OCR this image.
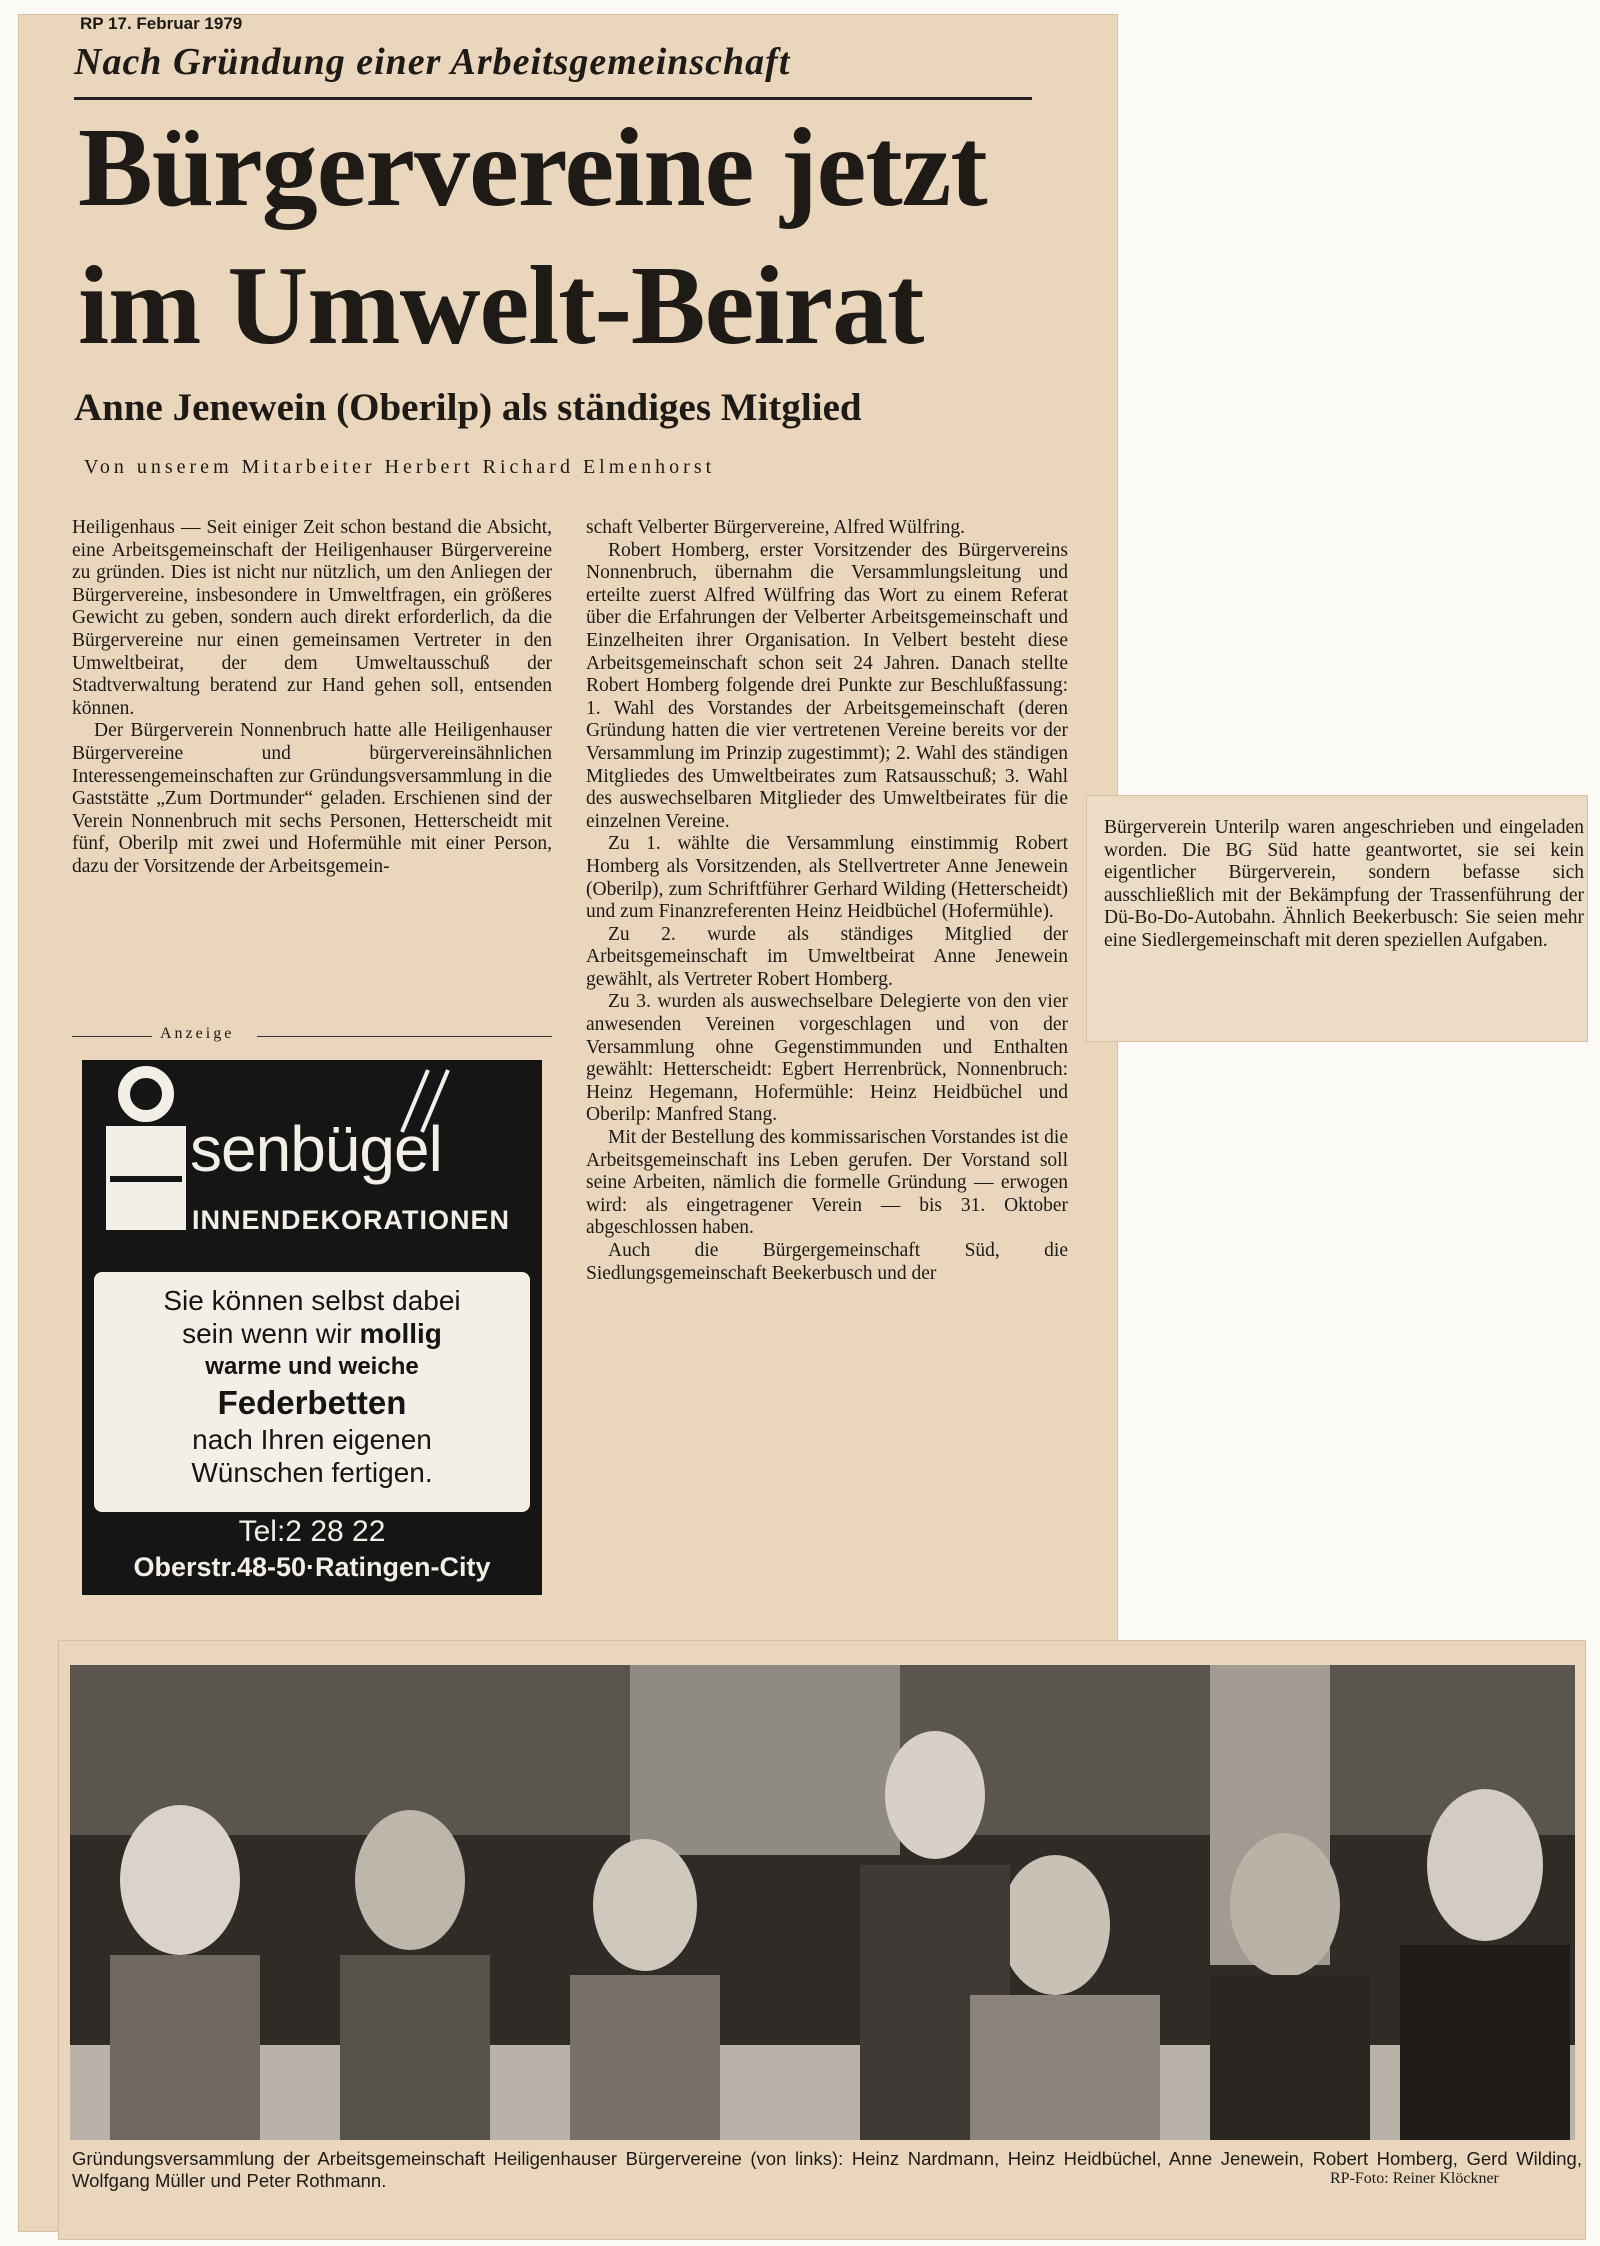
RP 17. Februar 1979
Nach Gründung einer Arbeitsgemeinschaft
Bürgervereine jetzt
im Umwelt-Beirat
Anne Jenewein (Oberilp) als ständiges Mitglied
Von unserem Mitarbeiter Herbert Richard Elmenhorst

Heiligenhaus — Seit einiger Zeit schon bestand die Absicht, eine Arbeitsgemeinschaft der Heiligenhauser Bürgervereine zu gründen. Dies ist nicht nur nützlich, um den Anliegen der Bürgervereine, insbesondere in Umweltfragen, ein größeres Gewicht zu geben, sondern auch direkt erforderlich, da die Bürgervereine nur einen gemeinsamen Vertreter in den Umweltbeirat, der dem Umweltausschuß der Stadtverwaltung beratend zur Hand gehen soll, entsenden können.

Der Bürgerverein Nonnenbruch hatte alle Heiligenhauser Bürgervereine und bürgervereinsähnlichen Interessengemeinschaften zur Gründungsversammlung in die Gaststätte „Zum Dortmunder“ geladen. Erschienen sind der Verein Nonnenbruch mit sechs Personen, Hetterscheidt mit fünf, Oberilp mit zwei und Hofermühle mit einer Person, dazu der Vorsitzende der Arbeitsgemein-

schaft Velberter Bürgervereine, Alfred Wülfring.

Robert Homberg, erster Vorsitzender des Bürgervereins Nonnenbruch, übernahm die Versammlungsleitung und erteilte zuerst Alfred Wülfring das Wort zu einem Referat über die Erfahrungen der Velberter Arbeitsgemeinschaft und Einzelheiten ihrer Organisation. In Velbert besteht diese Arbeitsgemeinschaft schon seit 24 Jahren. Danach stellte Robert Homberg folgende drei Punkte zur Beschlußfassung: 1. Wahl des Vorstandes der Arbeitsgemeinschaft (deren Gründung hatten die vier vertretenen Vereine bereits vor der Versammlung im Prinzip zugestimmt); 2. Wahl des ständigen Mitgliedes des Umweltbeirates zum Ratsausschuß; 3. Wahl des auswechselbaren Mitglieder des Umweltbeirates für die einzelnen Vereine.

Zu 1. wählte die Versammlung einstimmig Robert Homberg als Vorsitzenden, als Stellvertreter Anne Jenewein (Oberilp), zum Schriftführer Gerhard Wilding (Hetterscheidt) und zum Finanzreferenten Heinz Heidbüchel (Hofermühle).

Zu 2. wurde als ständiges Mitglied der Arbeitsgemeinschaft im Umweltbeirat Anne Jenewein gewählt, als Vertreter Robert Homberg.

Zu 3. wurden als auswechselbare Delegierte von den vier anwesenden Vereinen vorgeschlagen und von der Versammlung ohne Gegenstimmunden und Enthalten gewählt: Hetterscheidt: Egbert Herrenbrück, Nonnenbruch: Heinz Hegemann, Hofermühle: Heinz Heidbüchel und Oberilp: Manfred Stang.

Mit der Bestellung des kommissarischen Vorstandes ist die Arbeitsgemeinschaft ins Leben gerufen. Der Vorstand soll seine Arbeiten, nämlich die formelle Gründung — erwogen wird: als eingetragener Verein — bis 31. Oktober abgeschlossen haben.

Auch die Bürgergemeinschaft Süd, die Siedlungsgemeinschaft Beekerbusch und der

Bürgerverein Unterilp waren angeschrieben und eingeladen worden. Die BG Süd hatte geantwortet, sie sei kein eigentlicher Bürgerverein, sondern befasse sich ausschließlich mit der Bekämpfung der Trassenführung der Dü-Bo-Do-Autobahn. Ähnlich Beekerbusch: Sie seien mehr eine Siedlergemeinschaft mit deren speziellen Aufgaben.

Anzeige
senbügel
INNENDEKORATIONEN
Sie können selbst dabei
sein wenn wir mollig
warme und weiche
Federbetten
nach Ihren eigenen
Wünschen fertigen.
Tel:2 28 22
Oberstr.48-50·Ratingen-City

Gründungsversammlung der Arbeitsgemeinschaft Heiligenhauser Bürgervereine (von links): Heinz Nardmann, Heinz Heidbüchel, Anne Jenewein, Robert Homberg, Gerd Wilding, Wolfgang Müller und Peter Rothmann.	RP-Foto: Reiner Klöckner
